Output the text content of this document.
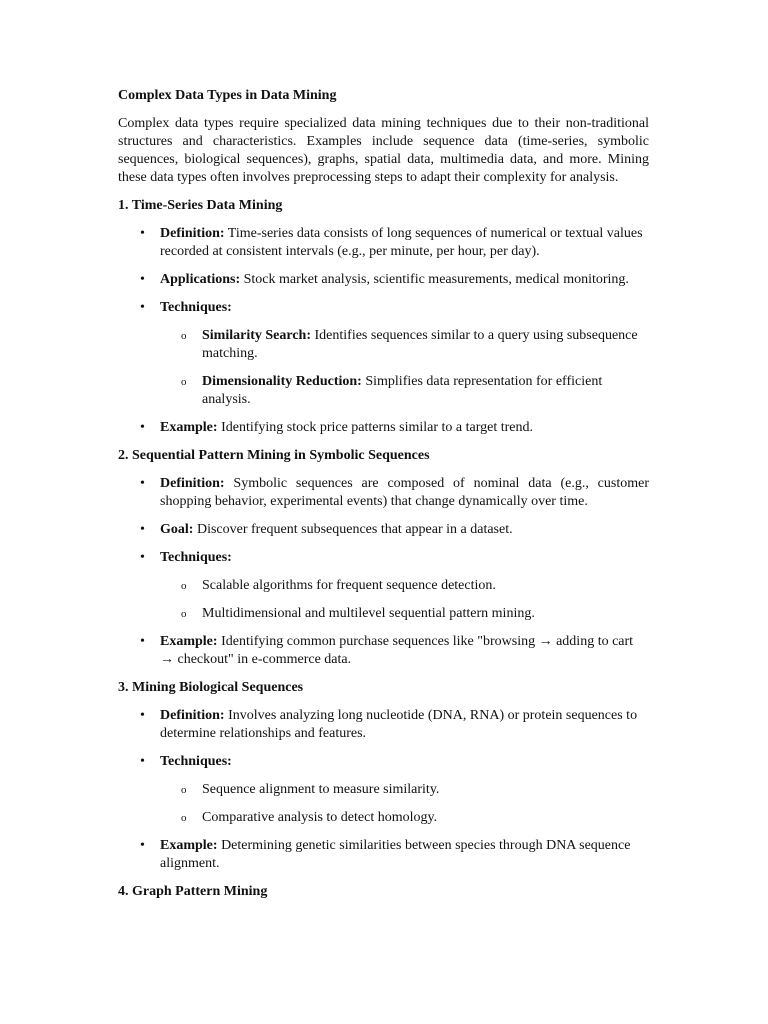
Complex Data Types in Data Mining

Complex data types require specialized data mining techniques due to their non-traditional structures and characteristics. Examples include sequence data (time-series, symbolic sequences, biological sequences), graphs, spatial data, multimedia data, and more. Mining these data types often involves preprocessing steps to adapt their complexity for analysis.

1. Time-Series Data Mining
• Definition: Time-series data consists of long sequences of numerical or textual values recorded at consistent intervals (e.g., per minute, per hour, per day).
• Applications: Stock market analysis, scientific measurements, medical monitoring.
• Techniques:
o Similarity Search: Identifies sequences similar to a query using subsequence matching.
o Dimensionality Reduction: Simplifies data representation for efficient analysis.
• Example: Identifying stock price patterns similar to a target trend.
2. Sequential Pattern Mining in Symbolic Sequences
• Definition: Symbolic sequences are composed of nominal data (e.g., customer shopping behavior, experimental events) that change dynamically over time.
• Goal: Discover frequent subsequences that appear in a dataset.
• Techniques:
o Scalable algorithms for frequent sequence detection.
o Multidimensional and multilevel sequential pattern mining.
• Example: Identifying common purchase sequences like "browsing → adding to cart → checkout" in e-commerce data.
3. Mining Biological Sequences
• Definition: Involves analyzing long nucleotide (DNA, RNA) or protein sequences to determine relationships and features.
• Techniques:
o Sequence alignment to measure similarity.
o Comparative analysis to detect homology.
• Example: Determining genetic similarities between species through DNA sequence alignment.
4. Graph Pattern Mining
